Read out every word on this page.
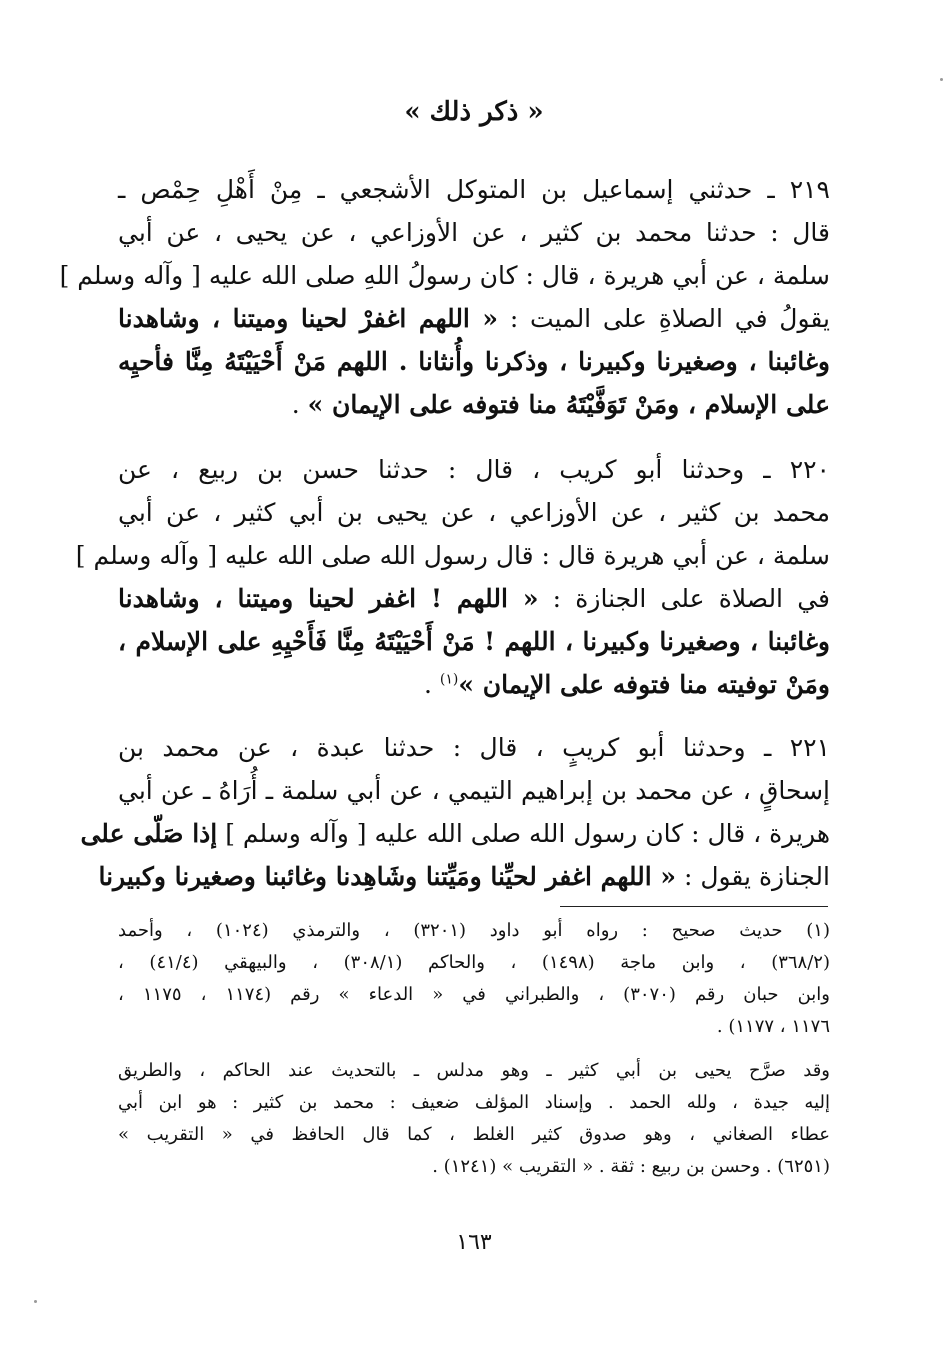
« ذكر ذلك »
٢١٩ ـ حدثني إسماعيل بن المتوكل الأشجعي ـ مِنْ أَهْلِ حِمْص ـ
قال : حدثنا محمد بن كثير ، عن الأوزاعي ، عن يحيى ، عن أبي
سلمة ، عن أبي هريرة ، قال : كان رسولُ اللهِ صلى الله عليه [ وآله وسلم ]
يقولُ في الصلاةِ على الميت : « اللهم اغفرْ لحينا وميتنا ، وشاهدنا
وغائبنا ، وصغيرنا وكبيرنا ، وذكرنا وأُنثانا . اللهم مَنْ أَحْيَيْتَهُ مِنَّا فأحيِه
على الإسلام ، ومَنْ تَوَفَّيْتَهُ منا فتوفه على الإيمان » .
٢٢٠ ـ وحدثنا أبو كريب ، قال : حدثنا حسن بن ربيع ، عن
محمد بن كثير ، عن الأوزاعي ، عن يحيى بن أبي كثير ، عن أبي
سلمة ، عن أبي هريرة قال : قال رسول الله صلى الله عليه [ وآله وسلم ]
في الصلاة على الجنازة : « اللهم ! اغفر لحينا وميتنا ، وشاهدنا
وغائبنا ، وصغيرنا وكبيرنا ، اللهم ! مَنْ أَحْيَيْتَهُ مِنَّا فَأَحْيِهِ على الإسلام ،
ومَنْ توفيته منا فتوفه على الإيمان »$^{(١)}$ .
٢٢١ ـ وحدثنا أبو كريبٍ ، قال : حدثنا عبدة ، عن محمد بن
إسحاقٍ ، عن محمد بن إبراهيم التيمي ، عن أبي سلمة ـ أُرَاهُ ـ عن أبي
هريرة ، قال : كان رسول الله صلى الله عليه [ وآله وسلم ] إذا صَلّى على
الجنازة يقول : « اللهم اغفر لحيِّنا ومَيِّتنا وشَاهِدنا وغائبنا وصغيرنا وكبيرنا
(١) حديث صحيح : رواه أبو داود (٣٢٠١) ، والترمذي (١٠٢٤) ، وأحمد
(٣٦٨/٢) ، وابن ماجة (١٤٩٨) ، والحاكم (٣٠٨/١) ، والبيهقي (٤١/٤) ،
وابن حبان رقم (٣٠٧٠) ، والطبراني في « الدعاء » رقم (١١٧٤ ، ١١٧٥ ،
١١٧٦ ، ١١٧٧) .
وقد صرَّح يحيى بن أبي كثير ـ وهو مدلس ـ بالتحديث عند الحاكم ، والطريق
إليه جيدة ، ولله الحمد . وإسناد المؤلف ضعيف : محمد بن كثير : هو ابن أبي
عطاء الصغاني ، وهو صدوق كثير الغلط ، كما قال الحافظ في « التقريب »
(٦٢٥١) . وحسن بن ربيع : ثقة . « التقريب » (١٢٤١) .
١٦٣
